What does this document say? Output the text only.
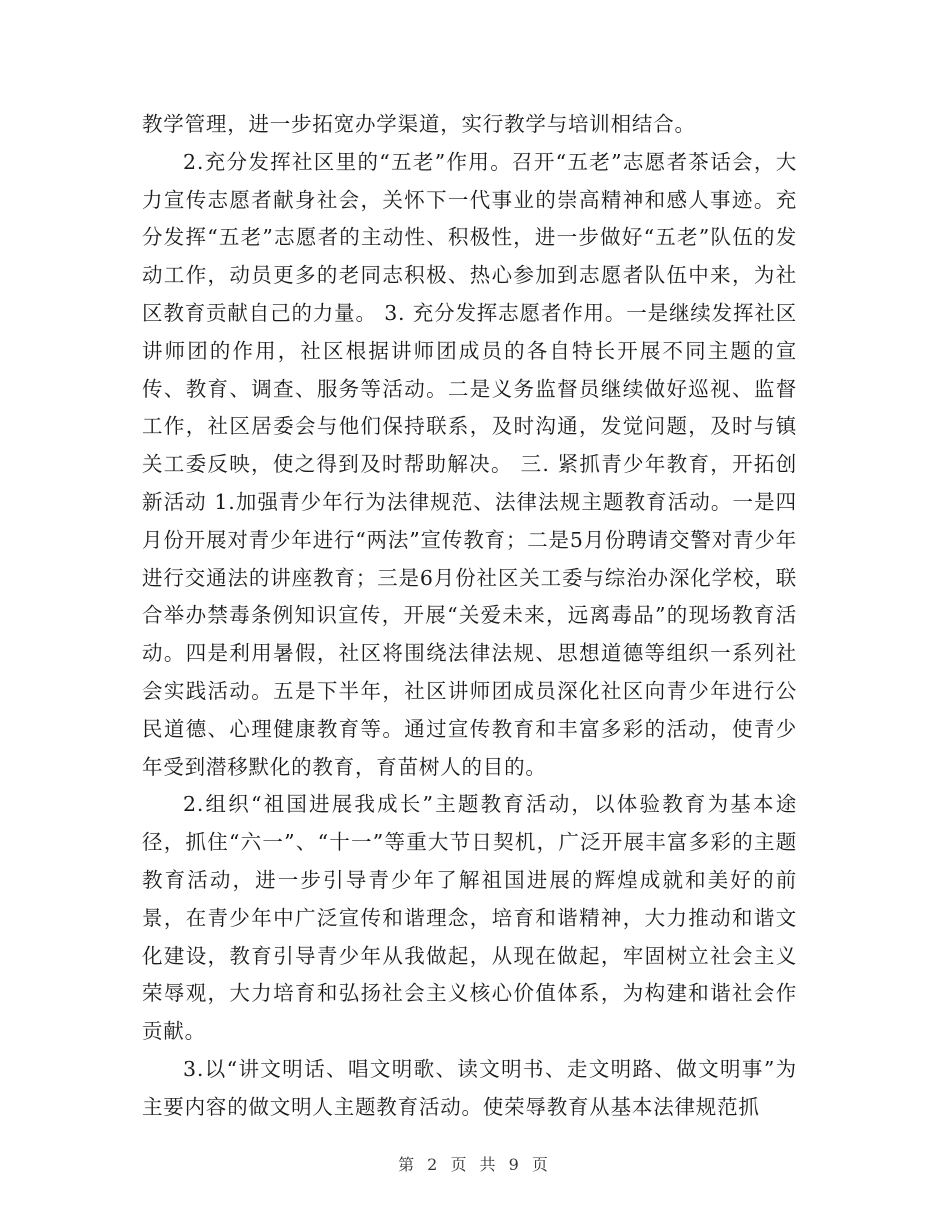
教学管理，进一步拓宽办学渠道，实行教学与培训相结合。

2.充分发挥社区里的“五老”作用。召开“五老”志愿者茶话会，大力宣传志愿者献身社会，关怀下一代事业的崇高精神和感人事迹。充分发挥“五老”志愿者的主动性、积极性，进一步做好“五老”队伍的发动工作，动员更多的老同志积极、热心参加到志愿者队伍中来，为社区教育贡献自己的力量。 3. 充分发挥志愿者作用。一是继续发挥社区讲师团的作用，社区根据讲师团成员的各自特长开展不同主题的宣传、教育、调查、服务等活动。二是义务监督员继续做好巡视、监督工作，社区居委会与他们保持联系，及时沟通，发觉问题，及时与镇关工委反映，使之得到及时帮助解决。 三. 紧抓青少年教育，开拓创新活动 1.加强青少年行为法律规范、法律法规主题教育活动。一是四月份开展对青少年进行“两法”宣传教育；二是5月份聘请交警对青少年进行交通法的讲座教育；三是6月份社区关工委与综治办深化学校，联合举办禁毒条例知识宣传，开展“关爱未来，远离毒品”的现场教育活动。四是利用暑假，社区将围绕法律法规、思想道德等组织一系列社会实践活动。五是下半年，社区讲师团成员深化社区向青少年进行公民道德、心理健康教育等。通过宣传教育和丰富多彩的活动，使青少年受到潜移默化的教育，育苗树人的目的。

2.组织“祖国进展我成长”主题教育活动，以体验教育为基本途径，抓住“六一”、“十一”等重大节日契机，广泛开展丰富多彩的主题教育活动，进一步引导青少年了解祖国进展的辉煌成就和美好的前景，在青少年中广泛宣传和谐理念，培育和谐精神，大力推动和谐文化建设，教育引导青少年从我做起，从现在做起，牢固树立社会主义荣辱观，大力培育和弘扬社会主义核心价值体系，为构建和谐社会作贡献。

3.以“讲文明话、唱文明歌、读文明书、走文明路、做文明事”为主要内容的做文明人主题教育活动。使荣辱教育从基本法律规范抓

第 2 页 共 9 页
